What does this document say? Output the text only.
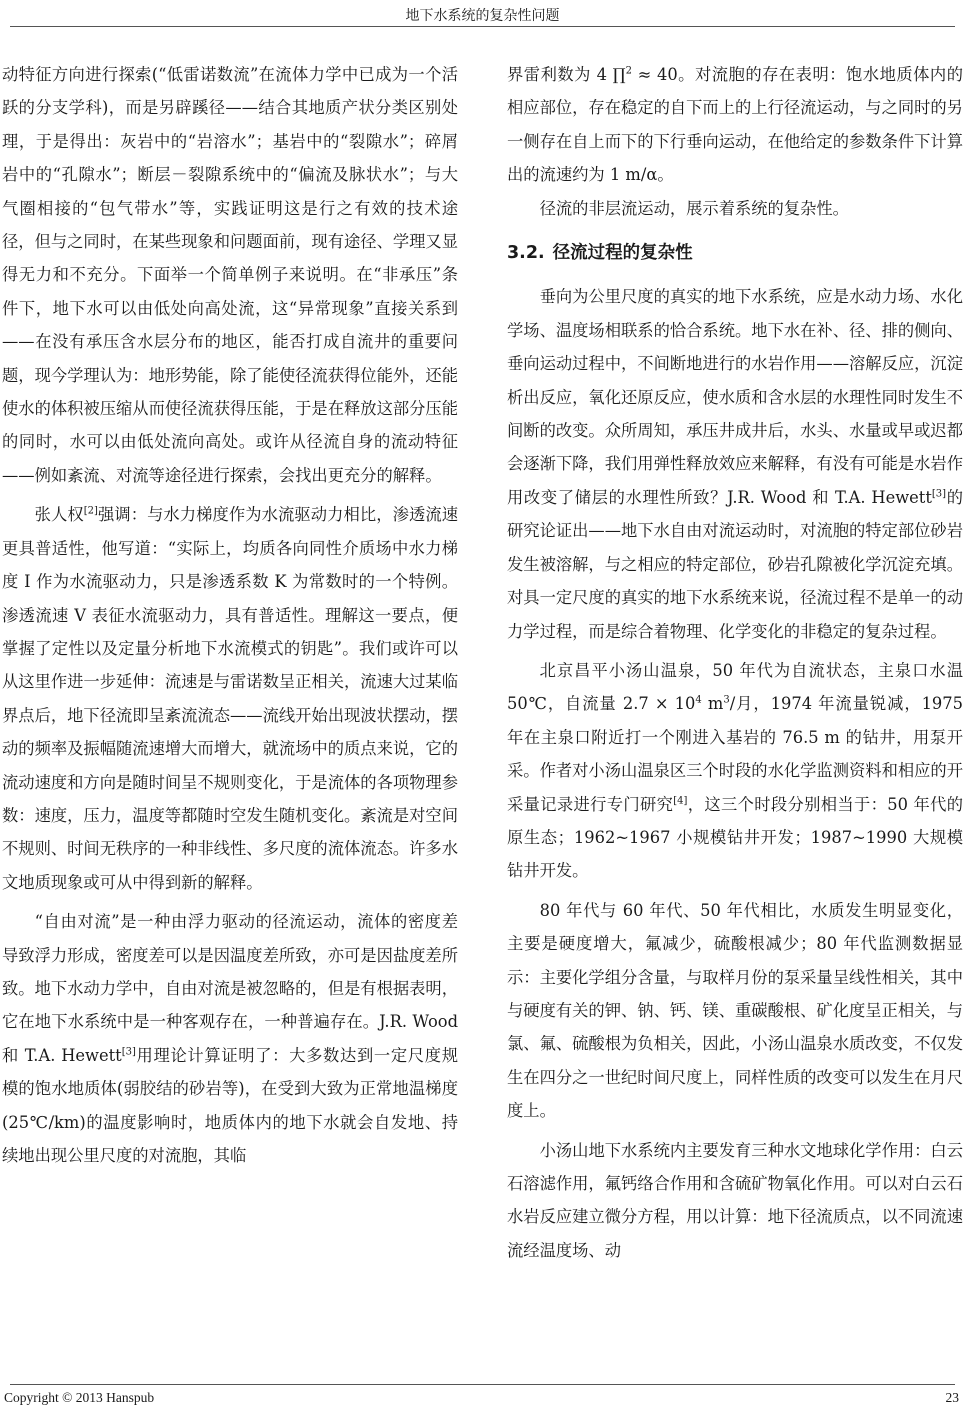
地下水系统的复杂性问题

动特征方向进行探索(“低雷诺数流”在流体力学中已成为一个活跃的分支学科)，而是另辟蹊径——结合其地质产状分类区别处理，于是得出：灰岩中的“岩溶水”；基岩中的“裂隙水”；碎屑岩中的“孔隙水”；断层－裂隙系统中的“偏流及脉状水”；与大气圈相接的“包气带水”等，实践证明这是行之有效的技术途径，但与之同时，在某些现象和问题面前，现有途径、学理又显得无力和不充分。下面举一个简单例子来说明。在“非承压”条件下，地下水可以由低处向高处流，这“异常现象”直接关系到——在没有承压含水层分布的地区，能否打成自流井的重要问题，现今学理认为：地形势能，除了能使径流获得位能外，还能使水的体积被压缩从而使径流获得压能，于是在释放这部分压能的同时，水可以由低处流向高处。或许从径流自身的流动特征——例如紊流、对流等途径进行探索，会找出更充分的解释。

张人权[2]强调：与水力梯度作为水流驱动力相比，渗透流速更具普适性，他写道：“实际上，均质各向同性介质场中水力梯度 I 作为水流驱动力，只是渗透系数 K 为常数时的一个特例。渗透流速 V 表征水流驱动力，具有普适性。理解这一要点，便掌握了定性以及定量分析地下水流模式的钥匙”。我们或许可以从这里作进一步延伸：流速是与雷诺数呈正相关，流速大过某临界点后，地下径流即呈紊流流态——流线开始出现波状摆动，摆动的频率及振幅随流速增大而增大，就流场中的质点来说，它的流动速度和方向是随时间呈不规则变化，于是流体的各项物理参数：速度，压力，温度等都随时空发生随机变化。紊流是对空间不规则、时间无秩序的一种非线性、多尺度的流体流态。许多水文地质现象或可从中得到新的解释。

“自由对流”是一种由浮力驱动的径流运动，流体的密度差导致浮力形成，密度差可以是因温度差所致，亦可是因盐度差所致。地下水动力学中，自由对流是被忽略的，但是有根据表明，它在地下水系统中是一种客观存在，一种普遍存在。J.R. Wood 和 T.A. Hewett[3]用理论计算证明了：大多数达到一定尺度规模的饱水地质体(弱胶结的砂岩等)，在受到大致为正常地温梯度(25℃/km)的温度影响时，地质体内的地下水就会自发地、持续地出现公里尺度的对流胞，其临

界雷利数为 4 ∏$^2$ ≈ 40。对流胞的存在表明：饱水地质体内的相应部位，存在稳定的自下而上的上行径流运动，与之同时的另一侧存在自上而下的下行垂向运动，在他给定的参数条件下计算出的流速约为 1 m/α。

径流的非层流运动，展示着系统的复杂性。

3.2. 径流过程的复杂性

垂向为公里尺度的真实的地下水系统，应是水动力场、水化学场、温度场相联系的恰合系统。地下水在补、径、排的侧向、垂向运动过程中，不间断地进行的水岩作用——溶解反应，沉淀析出反应，氧化还原反应，使水质和含水层的水理性同时发生不间断的改变。众所周知，承压井成井后，水头、水量或早或迟都会逐渐下降，我们用弹性释放效应来解释，有没有可能是水岩作用改变了储层的水理性所致？J.R. Wood 和 T.A. Hewett[3]的研究论证出——地下水自由对流运动时，对流胞的特定部位砂岩发生被溶解，与之相应的特定部位，砂岩孔隙被化学沉淀充填。对具一定尺度的真实的地下水系统来说，径流过程不是单一的动力学过程，而是综合着物理、化学变化的非稳定的复杂过程。

北京昌平小汤山温泉，50 年代为自流状态，主泉口水温 50℃，自流量 $2.7 \times 10^4$ $m^3/$月，1974 年流量锐减，1975 年在主泉口附近打一个刚进入基岩的 76.5 m 的钻井，用泵开采。作者对小汤山温泉区三个时段的水化学监测资料和相应的开采量记录进行专门研究[4]，这三个时段分别相当于：50 年代的原生态；1962~1967 小规模钻井开发；1987~1990 大规模钻井开发。

80 年代与 60 年代、50 年代相比，水质发生明显变化，主要是硬度增大，氟减少，硫酸根减少；80 年代监测数据显示：主要化学组分含量，与取样月份的泵采量呈线性相关，其中与硬度有关的钾、钠、钙、镁、重碳酸根、矿化度呈正相关，与氯、氟、硫酸根为负相关，因此，小汤山温泉水质改变，不仅发生在四分之一世纪时间尺度上，同样性质的改变可以发生在月尺度上。

小汤山地下水系统内主要发育三种水文地球化学作用：白云石溶滤作用，氟钙络合作用和含硫矿物氧化作用。可以对白云石水岩反应建立微分方程，用以计算：地下径流质点，以不同流速流经温度场、动

Copyright © 2013 Hanspub	23
